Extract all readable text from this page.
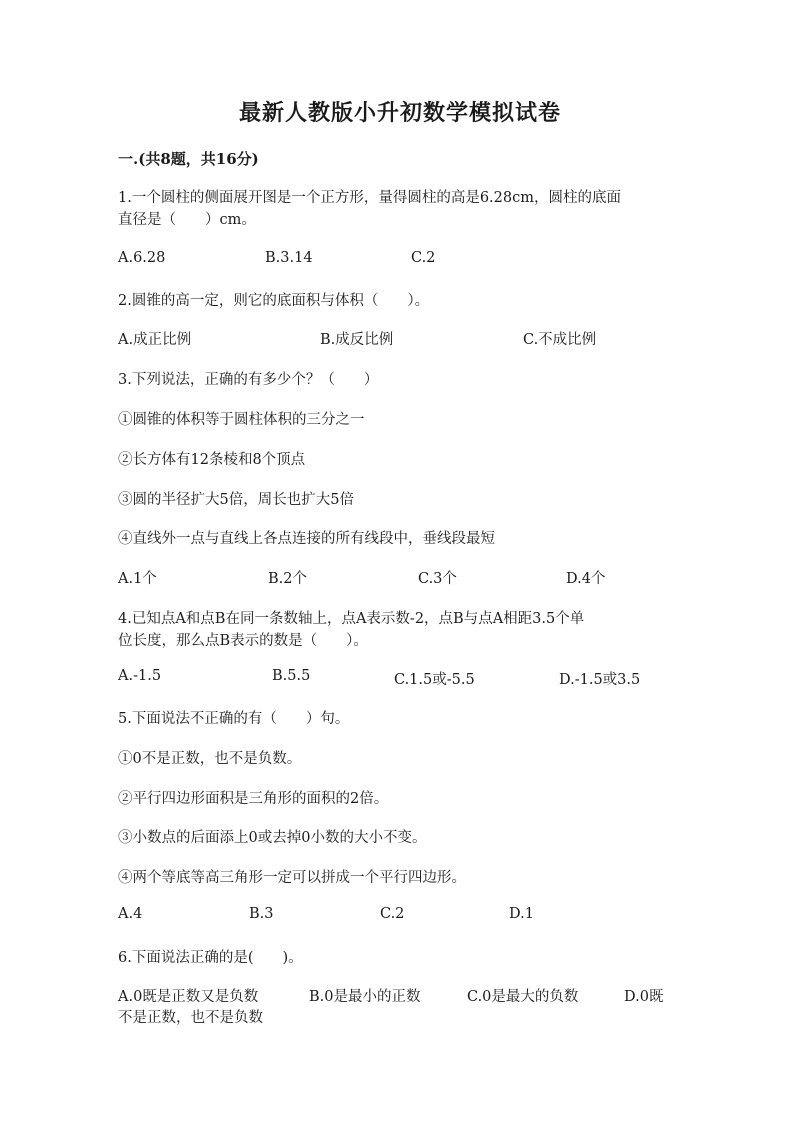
最新人教版小升初数学模拟试卷
一.(共8题，共16分)
1.一个圆柱的侧面展开图是一个正方形，量得圆柱的高是6.28cm，圆柱的底面
直径是（　　）cm。
A.6.28	B.3.14	C.2
2.圆锥的高一定，则它的底面积与体积（　　）。
A.成正比例	B.成反比例	C.不成比例
3.下列说法，正确的有多少个？（　　）
①圆锥的体积等于圆柱体积的三分之一
②长方体有12条棱和8个顶点
③圆的半径扩大5倍，周长也扩大5倍
④直线外一点与直线上各点连接的所有线段中，垂线段最短
A.1个	B.2个	C.3个	D.4个
4.已知点A和点B在同一条数轴上，点A表示数-2，点B与点A相距3.5个单
位长度，那么点B表示的数是（　　）。
A.-1.5	B.5.5	C.1.5或-5.5	D.-1.5或3.5
5.下面说法不正确的有（　　）句。
①0不是正数，也不是负数。
②平行四边形面积是三角形的面积的2倍。
③小数点的后面添上0或去掉0小数的大小不变。
④两个等底等高三角形一定可以拼成一个平行四边形。
A.4	B.3	C.2	D.1
6.下面说法正确的是(　　)。
A.0既是正数又是负数	B.0是最小的正数	C.0是最大的负数	D.0既
不是正数，也不是负数
